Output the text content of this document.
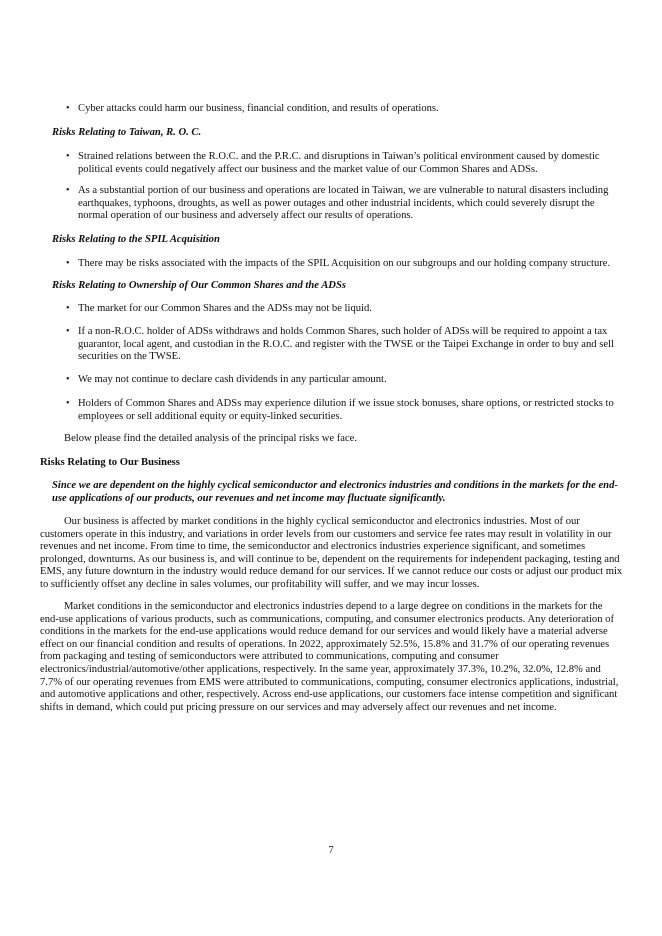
• Cyber attacks could harm our business, financial condition, and results of operations.
Risks Relating to Taiwan, R. O. C.
• Strained relations between the R.O.C. and the P.R.C. and disruptions in Taiwan’s political environment caused by domestic political events could negatively affect our business and the market value of our Common Shares and ADSs.
• As a substantial portion of our business and operations are located in Taiwan, we are vulnerable to natural disasters including earthquakes, typhoons, droughts, as well as power outages and other industrial incidents, which could severely disrupt the normal operation of our business and adversely affect our results of operations.
Risks Relating to the SPIL Acquisition
• There may be risks associated with the impacts of the SPIL Acquisition on our subgroups and our holding company structure.
Risks Relating to Ownership of Our Common Shares and the ADSs
• The market for our Common Shares and the ADSs may not be liquid.
• If a non-R.O.C. holder of ADSs withdraws and holds Common Shares, such holder of ADSs will be required to appoint a tax guarantor, local agent, and custodian in the R.O.C. and register with the TWSE or the Taipei Exchange in order to buy and sell securities on the TWSE.
• We may not continue to declare cash dividends in any particular amount.
• Holders of Common Shares and ADSs may experience dilution if we issue stock bonuses, share options, or restricted stocks to employees or sell additional equity or equity-linked securities.
Below please find the detailed analysis of the principal risks we face.
Risks Relating to Our Business
Since we are dependent on the highly cyclical semiconductor and electronics industries and conditions in the markets for the end-use applications of our products, our revenues and net income may fluctuate significantly.
Our business is affected by market conditions in the highly cyclical semiconductor and electronics industries. Most of our customers operate in this industry, and variations in order levels from our customers and service fee rates may result in volatility in our revenues and net income. From time to time, the semiconductor and electronics industries experience significant, and sometimes prolonged, downturns. As our business is, and will continue to be, dependent on the requirements for independent packaging, testing and EMS, any future downturn in the industry would reduce demand for our services. If we cannot reduce our costs or adjust our product mix to sufficiently offset any decline in sales volumes, our profitability will suffer, and we may incur losses.
Market conditions in the semiconductor and electronics industries depend to a large degree on conditions in the markets for the end-use applications of various products, such as communications, computing, and consumer electronics products. Any deterioration of conditions in the markets for the end-use applications would reduce demand for our services and would likely have a material adverse effect on our financial condition and results of operations. In 2022, approximately 52.5%, 15.8% and 31.7% of our operating revenues from packaging and testing of semiconductors were attributed to communications, computing and consumer electronics/industrial/automotive/other applications, respectively. In the same year, approximately 37.3%, 10.2%, 32.0%, 12.8% and 7.7% of our operating revenues from EMS were attributed to communications, computing, consumer electronics applications, industrial, and automotive applications and other, respectively. Across end-use applications, our customers face intense competition and significant shifts in demand, which could put pricing pressure on our services and may adversely affect our revenues and net income.
7
